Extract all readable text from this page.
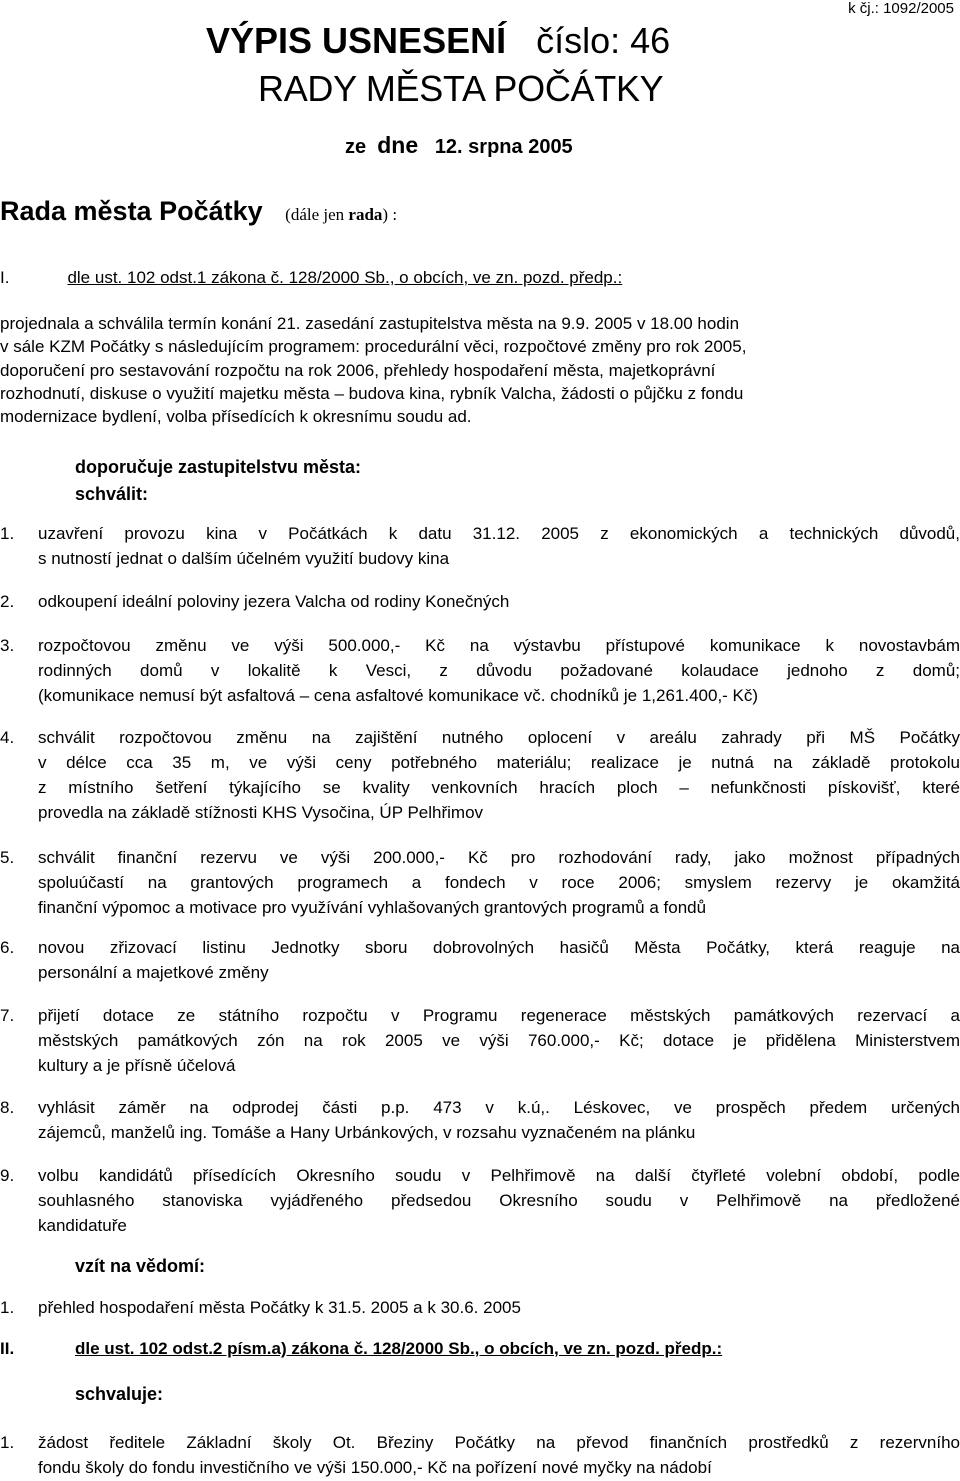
k čj.: 1092/2005
VÝPIS USNESENÍ číslo: 46
RADY MĚSTA POČÁTKY
ze dne 12. srpna 2005
Rada města Počátky (dále jen rada) :
I.	dle ust. 102 odst.1 zákona č. 128/2000 Sb., o obcích, ve zn. pozd. předp.:
projednala a schválila termín konání 21. zasedání zastupitelstva města na 9.9. 2005 v 18.00 hodin
v sále KZM Počátky s následujícím programem: procedurální věci, rozpočtové změny pro rok 2005,
doporučení pro sestavování rozpočtu na rok 2006, přehledy hospodaření města, majetkoprávní
rozhodnutí, diskuse o využití majetku města – budova kina, rybník Valcha, žádosti o půjčku z fondu
modernizace bydlení, volba přísedících k okresnímu soudu ad.
doporučuje zastupitelstvu města:
schválit:
1. uzavření provozu kina v Počátkách k datu 31.12. 2005 z ekonomických a technických důvodů,
s nutností jednat o dalším účelném využití budovy kina
2. odkoupení ideální poloviny jezera Valcha od rodiny Konečných
3. rozpočtovou změnu ve výši 500.000,- Kč na výstavbu přístupové komunikace k novostavbám
rodinných domů v lokalitě k Vesci, z důvodu požadované kolaudace jednoho z domů;
(komunikace nemusí být asfaltová – cena asfaltové komunikace vč. chodníků je 1,261.400,- Kč)
4. schválit rozpočtovou změnu na zajištění nutného oplocení v areálu zahrady při MŠ Počátky
v délce cca 35 m, ve výši ceny potřebného materiálu; realizace je nutná na základě protokolu
z místního šetření týkajícího se kvality venkovních hracích ploch – nefunkčnosti pískovišť, které
provedla na základě stížnosti KHS Vysočina, ÚP Pelhřimov
5. schválit finanční rezervu ve výši 200.000,- Kč pro rozhodování rady, jako možnost případných
spoluúčastí na grantových programech a fondech v roce 2006; smyslem rezervy je okamžitá
finanční výpomoc a motivace pro využívání vyhlašovaných grantových programů a fondů
6. novou zřizovací listinu Jednotky sboru dobrovolných hasičů Města Počátky, která reaguje na
personální a majetkové změny
7. přijetí dotace ze státního rozpočtu v Programu regenerace městských památkových rezervací a
městských památkových zón na rok 2005 ve výši 760.000,- Kč; dotace je přidělena Ministerstvem
kultury a je přísně účelová
8. vyhlásit záměr na odprodej části p.p. 473 v k.ú,. Léskovec, ve prospěch předem určených
zájemců, manželů ing. Tomáše a Hany Urbánkových, v rozsahu vyznačeném na plánku
9. volbu kandidátů přísedících Okresního soudu v Pelhřimově na další čtyřleté volební období, podle
souhlasného stanoviska vyjádřeného předsedou Okresního soudu v Pelhřimově na předložené
kandidatuře
vzít na vědomí:
1. přehled hospodaření města Počátky k 31.5. 2005 a k 30.6. 2005
II.	dle ust. 102 odst.2 písm.a) zákona č. 128/2000 Sb., o obcích, ve zn. pozd. předp.:
schvaluje:
1. žádost ředitele Základní školy Ot. Březiny Počátky na převod finančních prostředků z rezervního
fondu školy do fondu investičního ve výši 150.000,- Kč na pořízení nové myčky na nádobí
